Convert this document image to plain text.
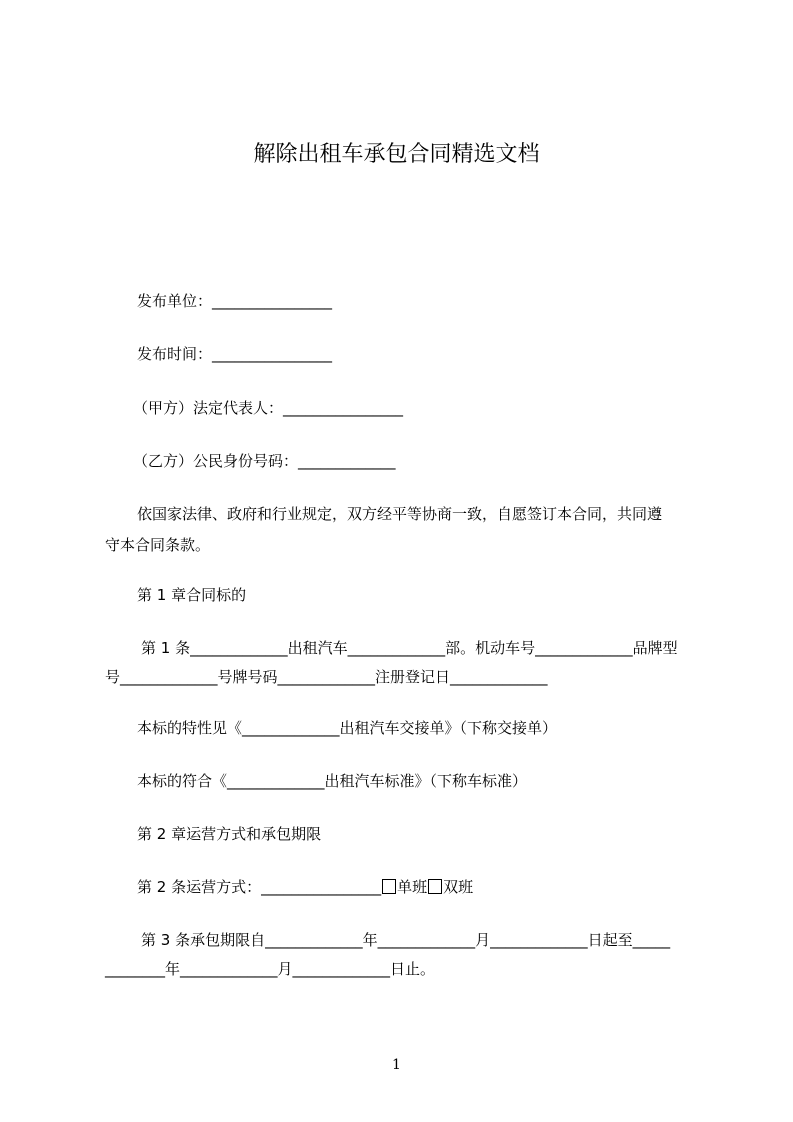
解除出租车承包合同精选文档
发布单位：________________
发布时间：________________
（甲方）法定代表人：________________
（乙方）公民身份号码：_____________
依国家法律、政府和行业规定，双方经平等协商一致，自愿签订本合同，共同遵
守本合同条款。
第 1 章合同标的
第 1 条_____________出租汽车_____________部。机动车号_____________品牌型
号_____________号牌号码_____________注册登记日_____________
本标的特性见《_____________出租汽车交接单》（下称交接单）
本标的符合《_____________出租汽车标准》（下称车标准）
第 2 章运营方式和承包期限
第 2 条运营方式：________________ 单班 双班
第 3 条承包期限自_____________年_____________月_____________日起至_____
________年_____________月_____________日止。
1
